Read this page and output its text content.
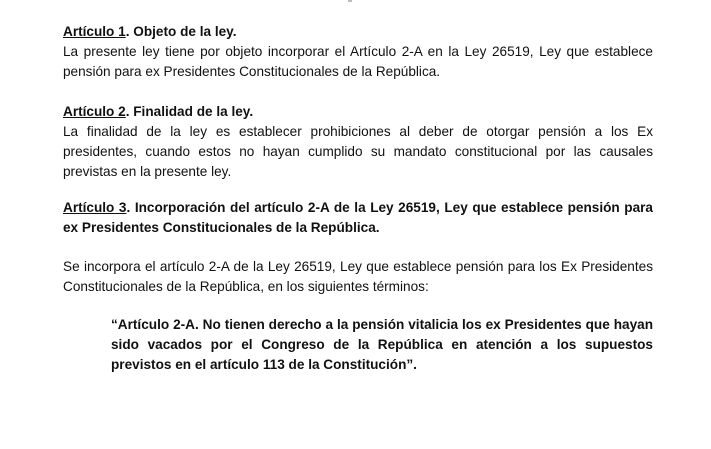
Artículo 1. Objeto de la ley.
La presente ley tiene por objeto incorporar el Artículo 2-A en la Ley 26519, Ley que establece pensión para ex Presidentes Constitucionales de la República.
Artículo 2. Finalidad de la ley.
La finalidad de la ley es establecer prohibiciones al deber de otorgar pensión a los Ex presidentes, cuando estos no hayan cumplido su mandato constitucional por las causales previstas en la presente ley.
Artículo 3. Incorporación del artículo 2-A de la Ley 26519, Ley que establece pensión para ex Presidentes Constitucionales de la República.
Se incorpora el artículo 2-A de la Ley 26519, Ley que establece pensión para los Ex Presidentes Constitucionales de la República, en los siguientes términos:
“Artículo 2-A. No tienen derecho a la pensión vitalicia los ex Presidentes que hayan sido vacados por el Congreso de la República en atención a los supuestos previstos en el artículo 113 de la Constitución”.
